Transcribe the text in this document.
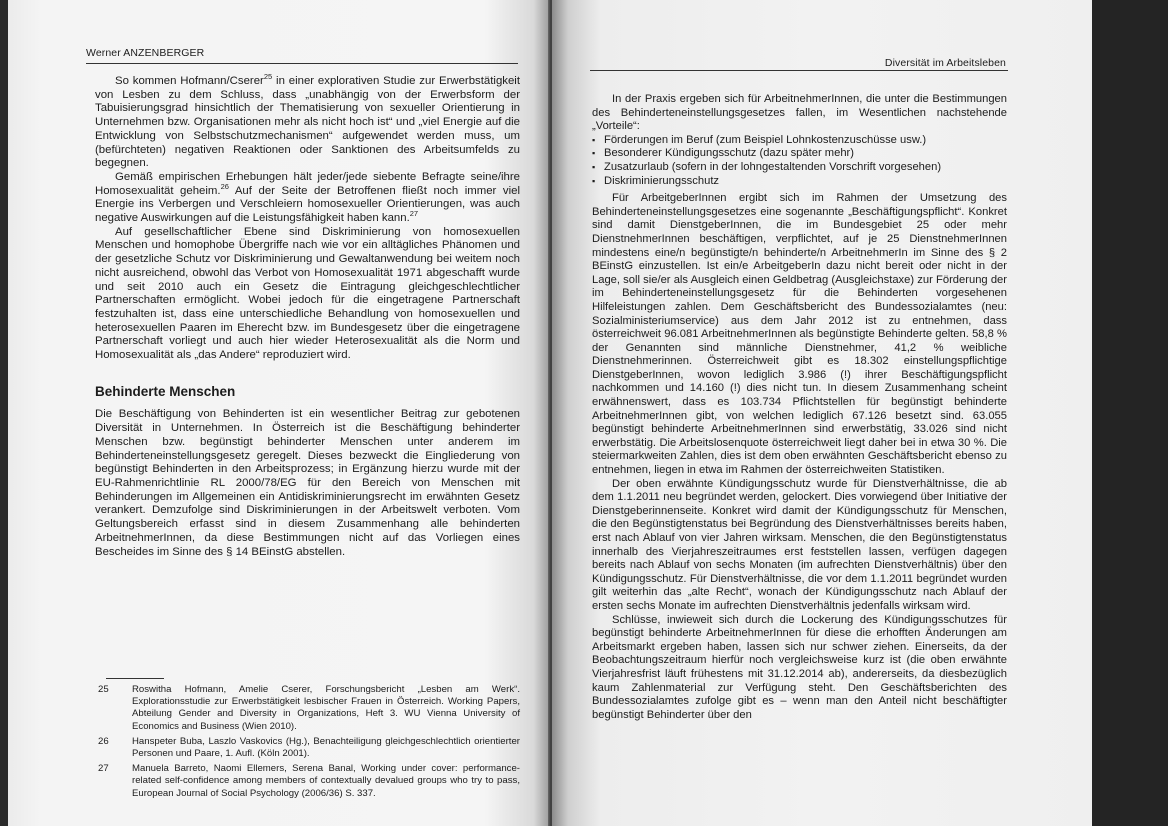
Werner ANZENBERGER

So kommen Hofmann/Cserer$^{25}$ in einer explorativen Studie zur Erwerbstätigkeit von Lesben zu dem Schluss, dass „unabhängig von der Erwerbsform der Tabuisierungsgrad hinsichtlich der Thematisierung von sexueller Orientierung in Unternehmen bzw. Organisationen mehr als nicht hoch ist“ und „viel Energie auf die Entwicklung von Selbstschutzmechanismen“ aufgewendet werden muss, um (befürchteten) negativen Reaktionen oder Sanktionen des Arbeitsumfelds zu begegnen.

Gemäß empirischen Erhebungen hält jeder/jede siebente Befragte seine/ihre Homosexualität geheim.$^{26}$ Auf der Seite der Betroffenen fließt noch immer viel Energie ins Verbergen und Verschleiern homosexueller Orientierungen, was auch negative Auswirkungen auf die Leistungsfähigkeit haben kann.$^{27}$

Auf gesellschaftlicher Ebene sind Diskriminierung von homosexuellen Menschen und homophobe Übergriffe nach wie vor ein alltägliches Phänomen und der gesetzliche Schutz vor Diskriminierung und Gewaltanwendung bei weitem noch nicht ausreichend, obwohl das Verbot von Homosexualität 1971 abgeschafft wurde und seit 2010 auch ein Gesetz die Eintragung gleichgeschlechtlicher Partnerschaften ermöglicht. Wobei jedoch für die eingetragene Partnerschaft festzuhalten ist, dass eine unterschiedliche Behandlung von homosexuellen und heterosexuellen Paaren im Eherecht bzw. im Bundesgesetz über die eingetragene Partnerschaft vorliegt und auch hier wieder Heterosexualität als die Norm und Homosexualität als „das Andere“ reproduziert wird.

Behinderte Menschen

Die Beschäftigung von Behinderten ist ein wesentlicher Beitrag zur gebotenen Diversität in Unternehmen. In Österreich ist die Beschäftigung behinderter Menschen bzw. begünstigt behinderter Menschen unter anderem im Behinderteneinstellungsgesetz geregelt. Dieses bezweckt die Eingliederung von begünstigt Behinderten in den Arbeitsprozess; in Ergänzung hierzu wurde mit der EU-Rahmenrichtlinie RL 2000/78/EG für den Bereich von Menschen mit Behinderungen im Allgemeinen ein Antidiskriminierungsrecht im erwähnten Gesetz verankert. Demzufolge sind Diskriminierungen in der Arbeitswelt verboten. Vom Geltungsbereich erfasst sind in diesem Zusammenhang alle behinderten ArbeitnehmerInnen, da diese Bestimmungen nicht auf das Vorliegen eines Bescheides im Sinne des § 14 BEinstG abstellen.

25 Roswitha Hofmann, Amelie Cserer, Forschungsbericht „Lesben am Werk“. Explorationsstudie zur Erwerbstätigkeit lesbischer Frauen in Österreich. Working Papers, Abteilung Gender and Diversity in Organizations, Heft 3. WU Vienna University of Economics and Business (Wien 2010).
26 Hanspeter Buba, Laszlo Vaskovics (Hg.), Benachteiligung gleichgeschlechtlich orientierter Personen und Paare, 1. Aufl. (Köln 2001).
27 Manuela Barreto, Naomi Ellemers, Serena Banal, Working under cover: performance-related self-confidence among members of contextually devalued groups who try to pass, European Journal of Social Psychology (2006/36) S. 337.
Diversität im Arbeitsleben

In der Praxis ergeben sich für ArbeitnehmerInnen, die unter die Bestimmungen des Behinderteneinstellungsgesetzes fallen, im Wesentlichen nachstehende „Vorteile“:

▪ Förderungen im Beruf (zum Beispiel Lohnkostenzuschüsse usw.)
▪ Besonderer Kündigungsschutz (dazu später mehr)
▪ Zusatzurlaub (sofern in der lohngestaltenden Vorschrift vorgesehen)
▪ Diskriminierungsschutz

Für ArbeitgeberInnen ergibt sich im Rahmen der Umsetzung des Behinderteneinstellungsgesetzes eine sogenannte „Beschäftigungspflicht“. Konkret sind damit DienstgeberInnen, die im Bundesgebiet 25 oder mehr DienstnehmerInnen beschäftigen, verpflichtet, auf je 25 DienstnehmerInnen mindestens eine/n begünstigte/n behinderte/n ArbeitnehmerIn im Sinne des § 2 BEinstG einzustellen. Ist ein/e ArbeitgeberIn dazu nicht bereit oder nicht in der Lage, soll sie/er als Ausgleich einen Geldbetrag (Ausgleichstaxe) zur Förderung der im Behinderteneinstellungsgesetz für die Behinderten vorgesehenen Hilfeleistungen zahlen. Dem Geschäftsbericht des Bundessozialamtes (neu: Sozialministeriumservice) aus dem Jahr 2012 ist zu entnehmen, dass österreichweit 96.081 ArbeitnehmerInnen als begünstigte Behinderte gelten. 58,8 % der Genannten sind männliche Dienstnehmer, 41,2 % weibliche Dienstnehmerinnen. Österreichweit gibt es 18.302 einstellungspflichtige DienstgeberInnen, wovon lediglich 3.986 (!) ihrer Beschäftigungspflicht nachkommen und 14.160 (!) dies nicht tun. In diesem Zusammenhang scheint erwähnenswert, dass es 103.734 Pflichtstellen für begünstigt behinderte ArbeitnehmerInnen gibt, von welchen lediglich 67.126 besetzt sind. 63.055 begünstigt behinderte ArbeitnehmerInnen sind erwerbstätig, 33.026 sind nicht erwerbstätig. Die Arbeitslosenquote österreichweit liegt daher bei in etwa 30 %. Die steiermarkweiten Zahlen, dies ist dem oben erwähnten Geschäftsbericht ebenso zu entnehmen, liegen in etwa im Rahmen der österreichweiten Statistiken.

Der oben erwähnte Kündigungsschutz wurde für Dienstverhältnisse, die ab dem 1.1.2011 neu begründet werden, gelockert. Dies vorwiegend über Initiative der Dienstgeberinnenseite. Konkret wird damit der Kündigungsschutz für Menschen, die den Begünstigtenstatus bei Begründung des Dienstverhältnisses bereits haben, erst nach Ablauf von vier Jahren wirksam. Menschen, die den Begünstigtenstatus innerhalb des Vierjahreszeitraumes erst feststellen lassen, verfügen dagegen bereits nach Ablauf von sechs Monaten (im aufrechten Dienstverhältnis) über den Kündigungsschutz. Für Dienstverhältnisse, die vor dem 1.1.2011 begründet wurden gilt weiterhin das „alte Recht“, wonach der Kündigungsschutz nach Ablauf der ersten sechs Monate im aufrechten Dienstverhältnis jedenfalls wirksam wird.

Schlüsse, inwieweit sich durch die Lockerung des Kündigungsschutzes für begünstigt behinderte ArbeitnehmerInnen für diese die erhofften Änderungen am Arbeitsmarkt ergeben haben, lassen sich nur schwer ziehen. Einerseits, da der Beobachtungszeitraum hierfür noch vergleichsweise kurz ist (die oben erwähnte Vierjahresfrist läuft frühestens mit 31.12.2014 ab), andererseits, da diesbezüglich kaum Zahlenmaterial zur Verfügung steht. Den Geschäftsberichten des Bundessozialamtes zufolge gibt es – wenn man den Anteil nicht beschäftigter begünstigt Behinderter über den
